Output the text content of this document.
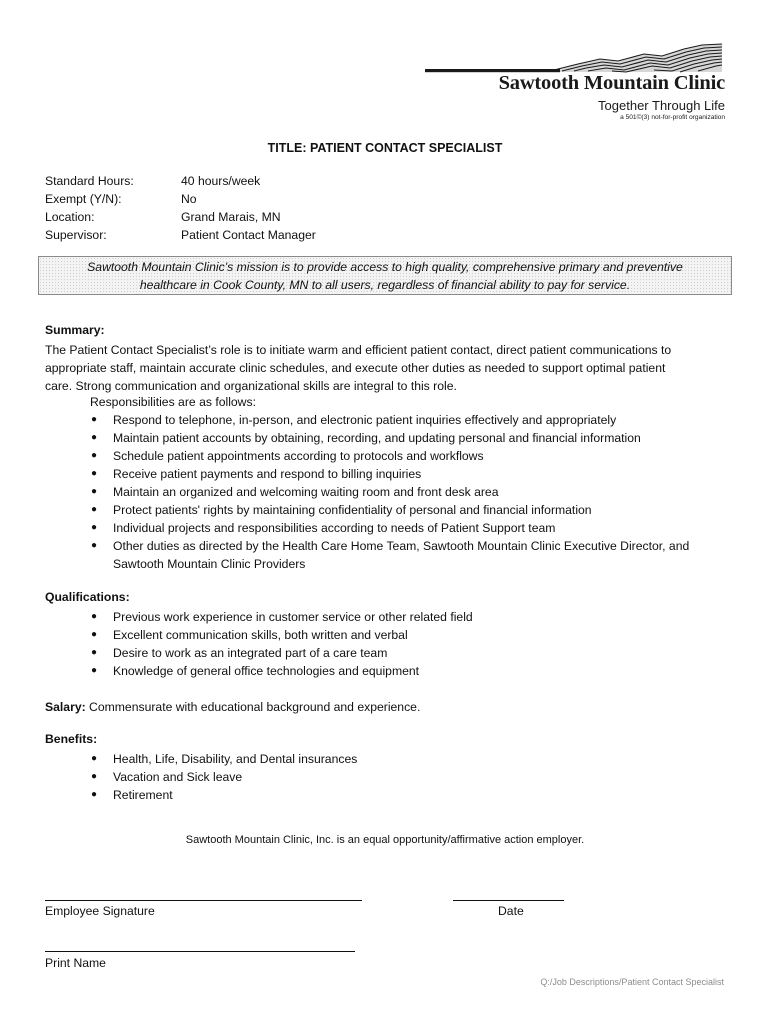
Sawtooth Mountain Clinic
Together Through Life
a 501©(3) not-for-profit organization
TITLE: PATIENT CONTACT SPECIALIST
Standard Hours:	40 hours/week
Exempt (Y/N):	No
Location:	Grand Marais, MN
Supervisor:	Patient Contact Manager
Sawtooth Mountain Clinic’s mission is to provide access to high quality, comprehensive primary and preventive
healthcare in Cook County, MN to all users, regardless of financial ability to pay for service.
Summary:
The Patient Contact Specialist’s role is to initiate warm and efficient patient contact, direct patient communications to
appropriate staff, maintain accurate clinic schedules, and execute other duties as needed to support optimal patient
care. Strong communication and organizational skills are integral to this role.
Responsibilities are as follows:
● Respond to telephone, in-person, and electronic patient inquiries effectively and appropriately
● Maintain patient accounts by obtaining, recording, and updating personal and financial information
● Schedule patient appointments according to protocols and workflows
● Receive patient payments and respond to billing inquiries
● Maintain an organized and welcoming waiting room and front desk area
● Protect patients' rights by maintaining confidentiality of personal and financial information
● Individual projects and responsibilities according to needs of Patient Support team
● Other duties as directed by the Health Care Home Team, Sawtooth Mountain Clinic Executive Director, and
Sawtooth Mountain Clinic Providers
Qualifications:
● Previous work experience in customer service or other related field
● Excellent communication skills, both written and verbal
● Desire to work as an integrated part of a care team
● Knowledge of general office technologies and equipment
Salary: Commensurate with educational background and experience.
Benefits:
● Health, Life, Disability, and Dental insurances
● Vacation and Sick leave
● Retirement
Sawtooth Mountain Clinic, Inc. is an equal opportunity/affirmative action employer.
Employee Signature	Date
Print Name
Q:/Job Descriptions/Patient Contact Specialist
